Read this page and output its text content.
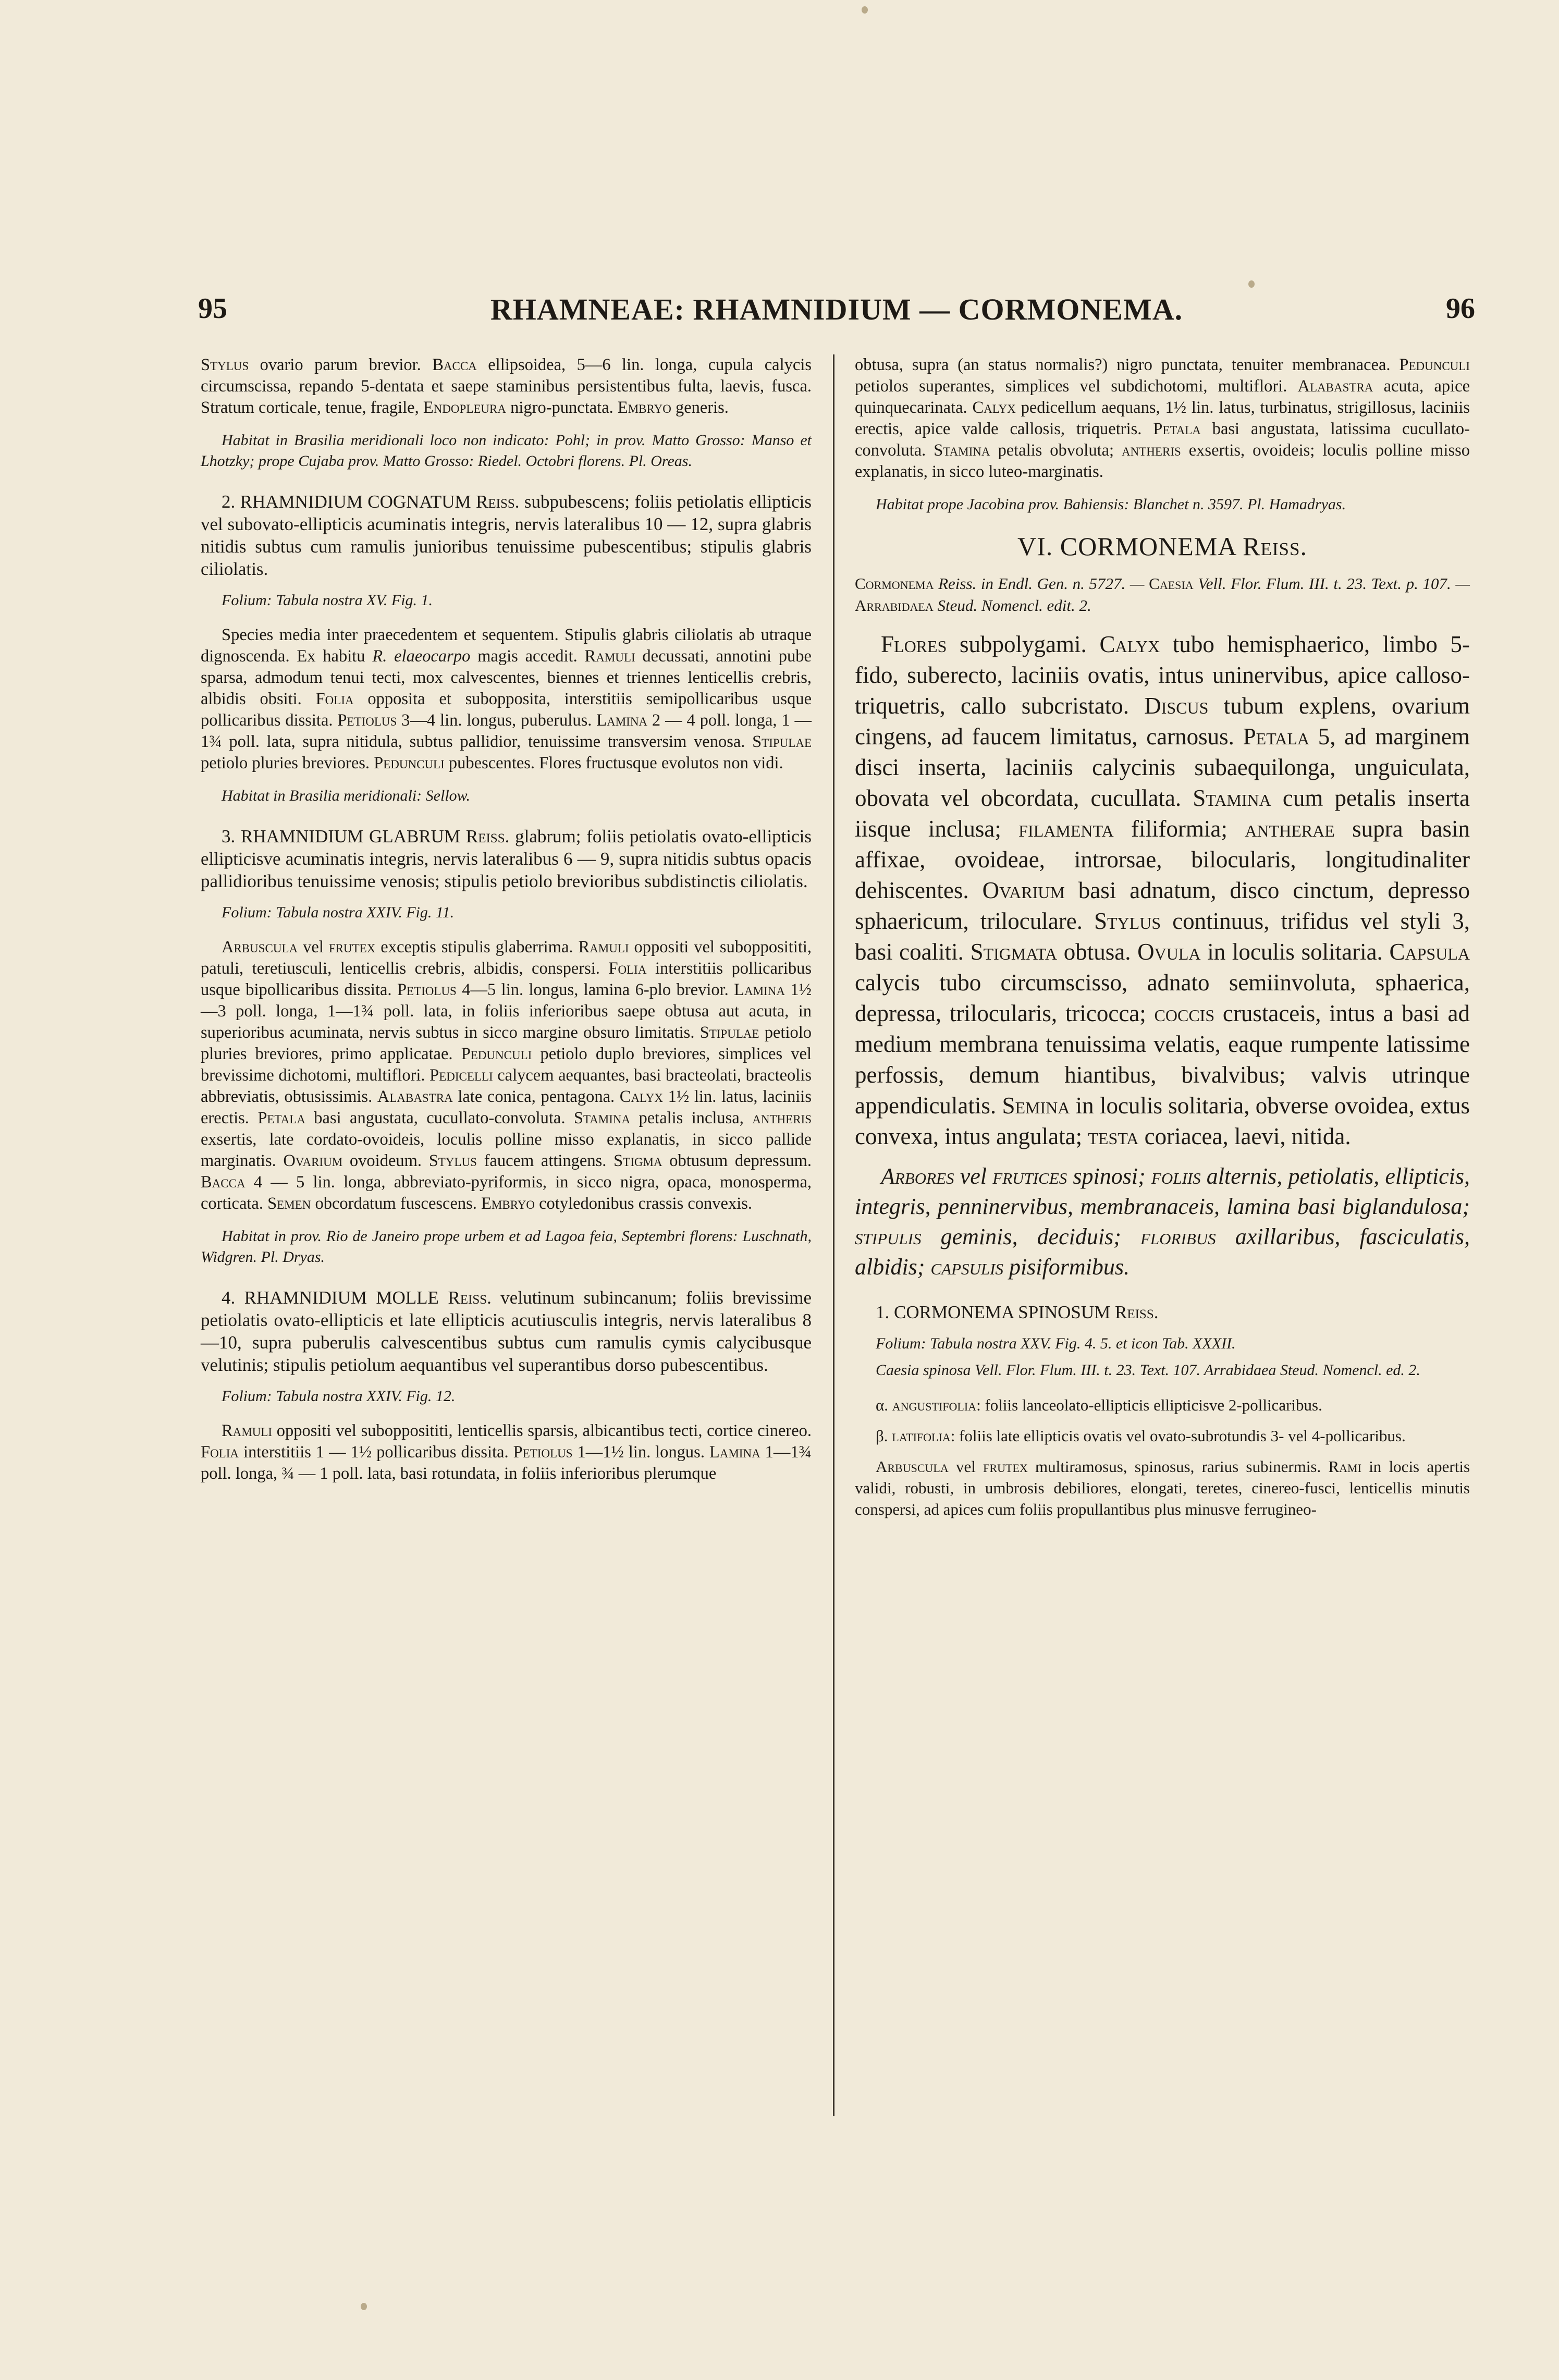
95	RHAMNEAE: RHAMNIDIUM — CORMONEMA.	96

Stylus ovario parum brevior. Bacca ellipsoidea, 5—6 lin. longa, cupula calycis circumscissa, repando 5-dentata et saepe staminibus persistentibus fulta, laevis, fusca. Stratum corticale, tenue, fragile, Endopleura nigro-punctata. Embryo generis.

Habitat in Brasilia meridionali loco non indicato: Pohl; in prov. Matto Grosso: Manso et Lhotzky; prope Cujaba prov. Matto Grosso: Riedel. Octobri florens. Pl. Oreas.

2. RHAMNIDIUM COGNATUM Reiss. subpubescens; foliis petiolatis ellipticis vel subovato-ellipticis acuminatis integris, nervis lateralibus 10 — 12, supra glabris nitidis subtus cum ramulis junioribus tenuissime pubescentibus; stipulis glabris ciliolatis.

Folium: Tabula nostra XV. Fig. 1.

Species media inter praecedentem et sequentem. Stipulis glabris ciliolatis ab utraque dignoscenda. Ex habitu R. elaeocarpo magis accedit. Ramuli decussati, annotini pube sparsa, admodum tenui tecti, mox calvescentes, biennes et triennes lenticellis crebris, albidis obsiti. Folia opposita et subopposita, interstitiis semipollicaribus usque pollicaribus dissita. Petiolus 3—4 lin. longus, puberulus. Lamina 2 — 4 poll. longa, 1 — 1¾ poll. lata, supra nitidula, subtus pallidior, tenuissime transversim venosa. Stipulae petiolo pluries breviores. Pedunculi pubescentes. Flores fructusque evolutos non vidi.

Habitat in Brasilia meridionali: Sellow.

3. RHAMNIDIUM GLABRUM Reiss. glabrum; foliis petiolatis ovato-ellipticis ellipticisve acuminatis integris, nervis lateralibus 6 — 9, supra nitidis subtus opacis pallidioribus tenuissime venosis; stipulis petiolo brevioribus subdistinctis ciliolatis.

Folium: Tabula nostra XXIV. Fig. 11.

Arbuscula vel frutex exceptis stipulis glaberrima. Ramuli oppositi vel subopposititi, patuli, teretiusculi, lenticellis crebris, albidis, conspersi. Folia interstitiis pollicaribus usque bipollicaribus dissita. Petiolus 4—5 lin. longus, lamina 6-plo brevior. Lamina 1½—3 poll. longa, 1—1¾ poll. lata, in foliis inferioribus saepe obtusa aut acuta, in superioribus acuminata, nervis subtus in sicco margine obsuro limitatis. Stipulae petiolo pluries breviores, primo applicatae. Pedunculi petiolo duplo breviores, simplices vel brevissime dichotomi, multiflori. Pedicelli calycem aequantes, basi bracteolati, bracteolis abbreviatis, obtusissimis. Alabastra late conica, pentagona. Calyx 1½ lin. latus, laciniis erectis. Petala basi angustata, cucullato-convoluta. Stamina petalis inclusa, antheris exsertis, late cordato-ovoideis, loculis polline misso explanatis, in sicco pallide marginatis. Ovarium ovoideum. Stylus faucem attingens. Stigma obtusum depressum. Bacca 4 — 5 lin. longa, abbreviato-pyriformis, in sicco nigra, opaca, monosperma, corticata. Semen obcordatum fuscescens. Embryo cotyledonibus crassis convexis.

Habitat in prov. Rio de Janeiro prope urbem et ad Lagoa feia, Septembri florens: Luschnath, Widgren. Pl. Dryas.

4. RHAMNIDIUM MOLLE Reiss. velutinum subincanum; foliis brevissime petiolatis ovato-ellipticis et late ellipticis acutiusculis integris, nervis lateralibus 8—10, supra puberulis calvescentibus subtus cum ramulis cymis calycibusque velutinis; stipulis petiolum aequantibus vel superantibus dorso pubescentibus.

Folium: Tabula nostra XXIV. Fig. 12.

Ramuli oppositi vel subopposititi, lenticellis sparsis, albicantibus tecti, cortice cinereo. Folia interstitiis 1 — 1½ pollicaribus dissita. Petiolus 1—1½ lin. longus. Lamina 1—1¾ poll. longa, ¾ — 1 poll. lata, basi rotundata, in foliis inferioribus plerumque

obtusa, supra (an status normalis?) nigro punctata, tenuiter membranacea. Pedunculi petiolos superantes, simplices vel subdichotomi, multiflori. Alabastra acuta, apice quinquecarinata. Calyx pedicellum aequans, 1½ lin. latus, turbinatus, strigillosus, laciniis erectis, apice valde callosis, triquetris. Petala basi angustata, latissima cucullato-convoluta. Stamina petalis obvoluta; antheris exsertis, ovoideis; loculis polline misso explanatis, in sicco luteo-marginatis.

Habitat prope Jacobina prov. Bahiensis: Blanchet n. 3597. Pl. Hamadryas.

VI. CORMONEMA Reiss.

Cormonema Reiss. in Endl. Gen. n. 5727. — Caesia Vell. Flor. Flum. III. t. 23. Text. p. 107. — Arrabidaea Steud. Nomencl. edit. 2.

Flores subpolygami. Calyx tubo hemisphaerico, limbo 5-fido, suberecto, laciniis ovatis, intus uninervibus, apice calloso-triquetris, callo subcristato. Discus tubum explens, ovarium cingens, ad faucem limitatus, carnosus. Petala 5, ad marginem disci inserta, laciniis calycinis subaequilonga, unguiculata, obovata vel obcordata, cucullata. Stamina cum petalis inserta iisque inclusa; filamenta filiformia; antherae supra basin affixae, ovoideae, introrsae, bilocularis, longitudinaliter dehiscentes. Ovarium basi adnatum, disco cinctum, depresso sphaericum, triloculare. Stylus continuus, trifidus vel styli 3, basi coaliti. Stigmata obtusa. Ovula in loculis solitaria. Capsula calycis tubo circumscisso, adnato semiinvoluta, sphaerica, depressa, trilocularis, tricocca; coccis crustaceis, intus a basi ad medium membrana tenuissima velatis, eaque rumpente latissime perfossis, demum hiantibus, bivalvibus; valvis utrinque appendiculatis. Semina in loculis solitaria, obverse ovoidea, extus convexa, intus angulata; testa coriacea, laevi, nitida.

Arbores vel frutices spinosi; foliis alternis, petiolatis, ellipticis, integris, penninervibus, membranaceis, lamina basi biglandulosa; stipulis geminis, deciduis; floribus axillaribus, fasciculatis, albidis; capsulis pisiformibus.

1. CORMONEMA SPINOSUM Reiss.

Folium: Tabula nostra XXV. Fig. 4. 5. et icon Tab. XXXII.

Caesia spinosa Vell. Flor. Flum. III. t. 23. Text. 107. Arrabidaea Steud. Nomencl. ed. 2.

α. angustifolia: foliis lanceolato-ellipticis ellipticisve 2-pollicaribus.

β. latifolia: foliis late ellipticis ovatis vel ovato-subrotundis 3- vel 4-pollicaribus.

Arbuscula vel frutex multiramosus, spinosus, rarius subinermis. Rami in locis apertis validi, robusti, in umbrosis debiliores, elongati, teretes, cinereo-fusci, lenticellis minutis conspersi, ad apices cum foliis propullantibus plus minusve ferrugineo-
